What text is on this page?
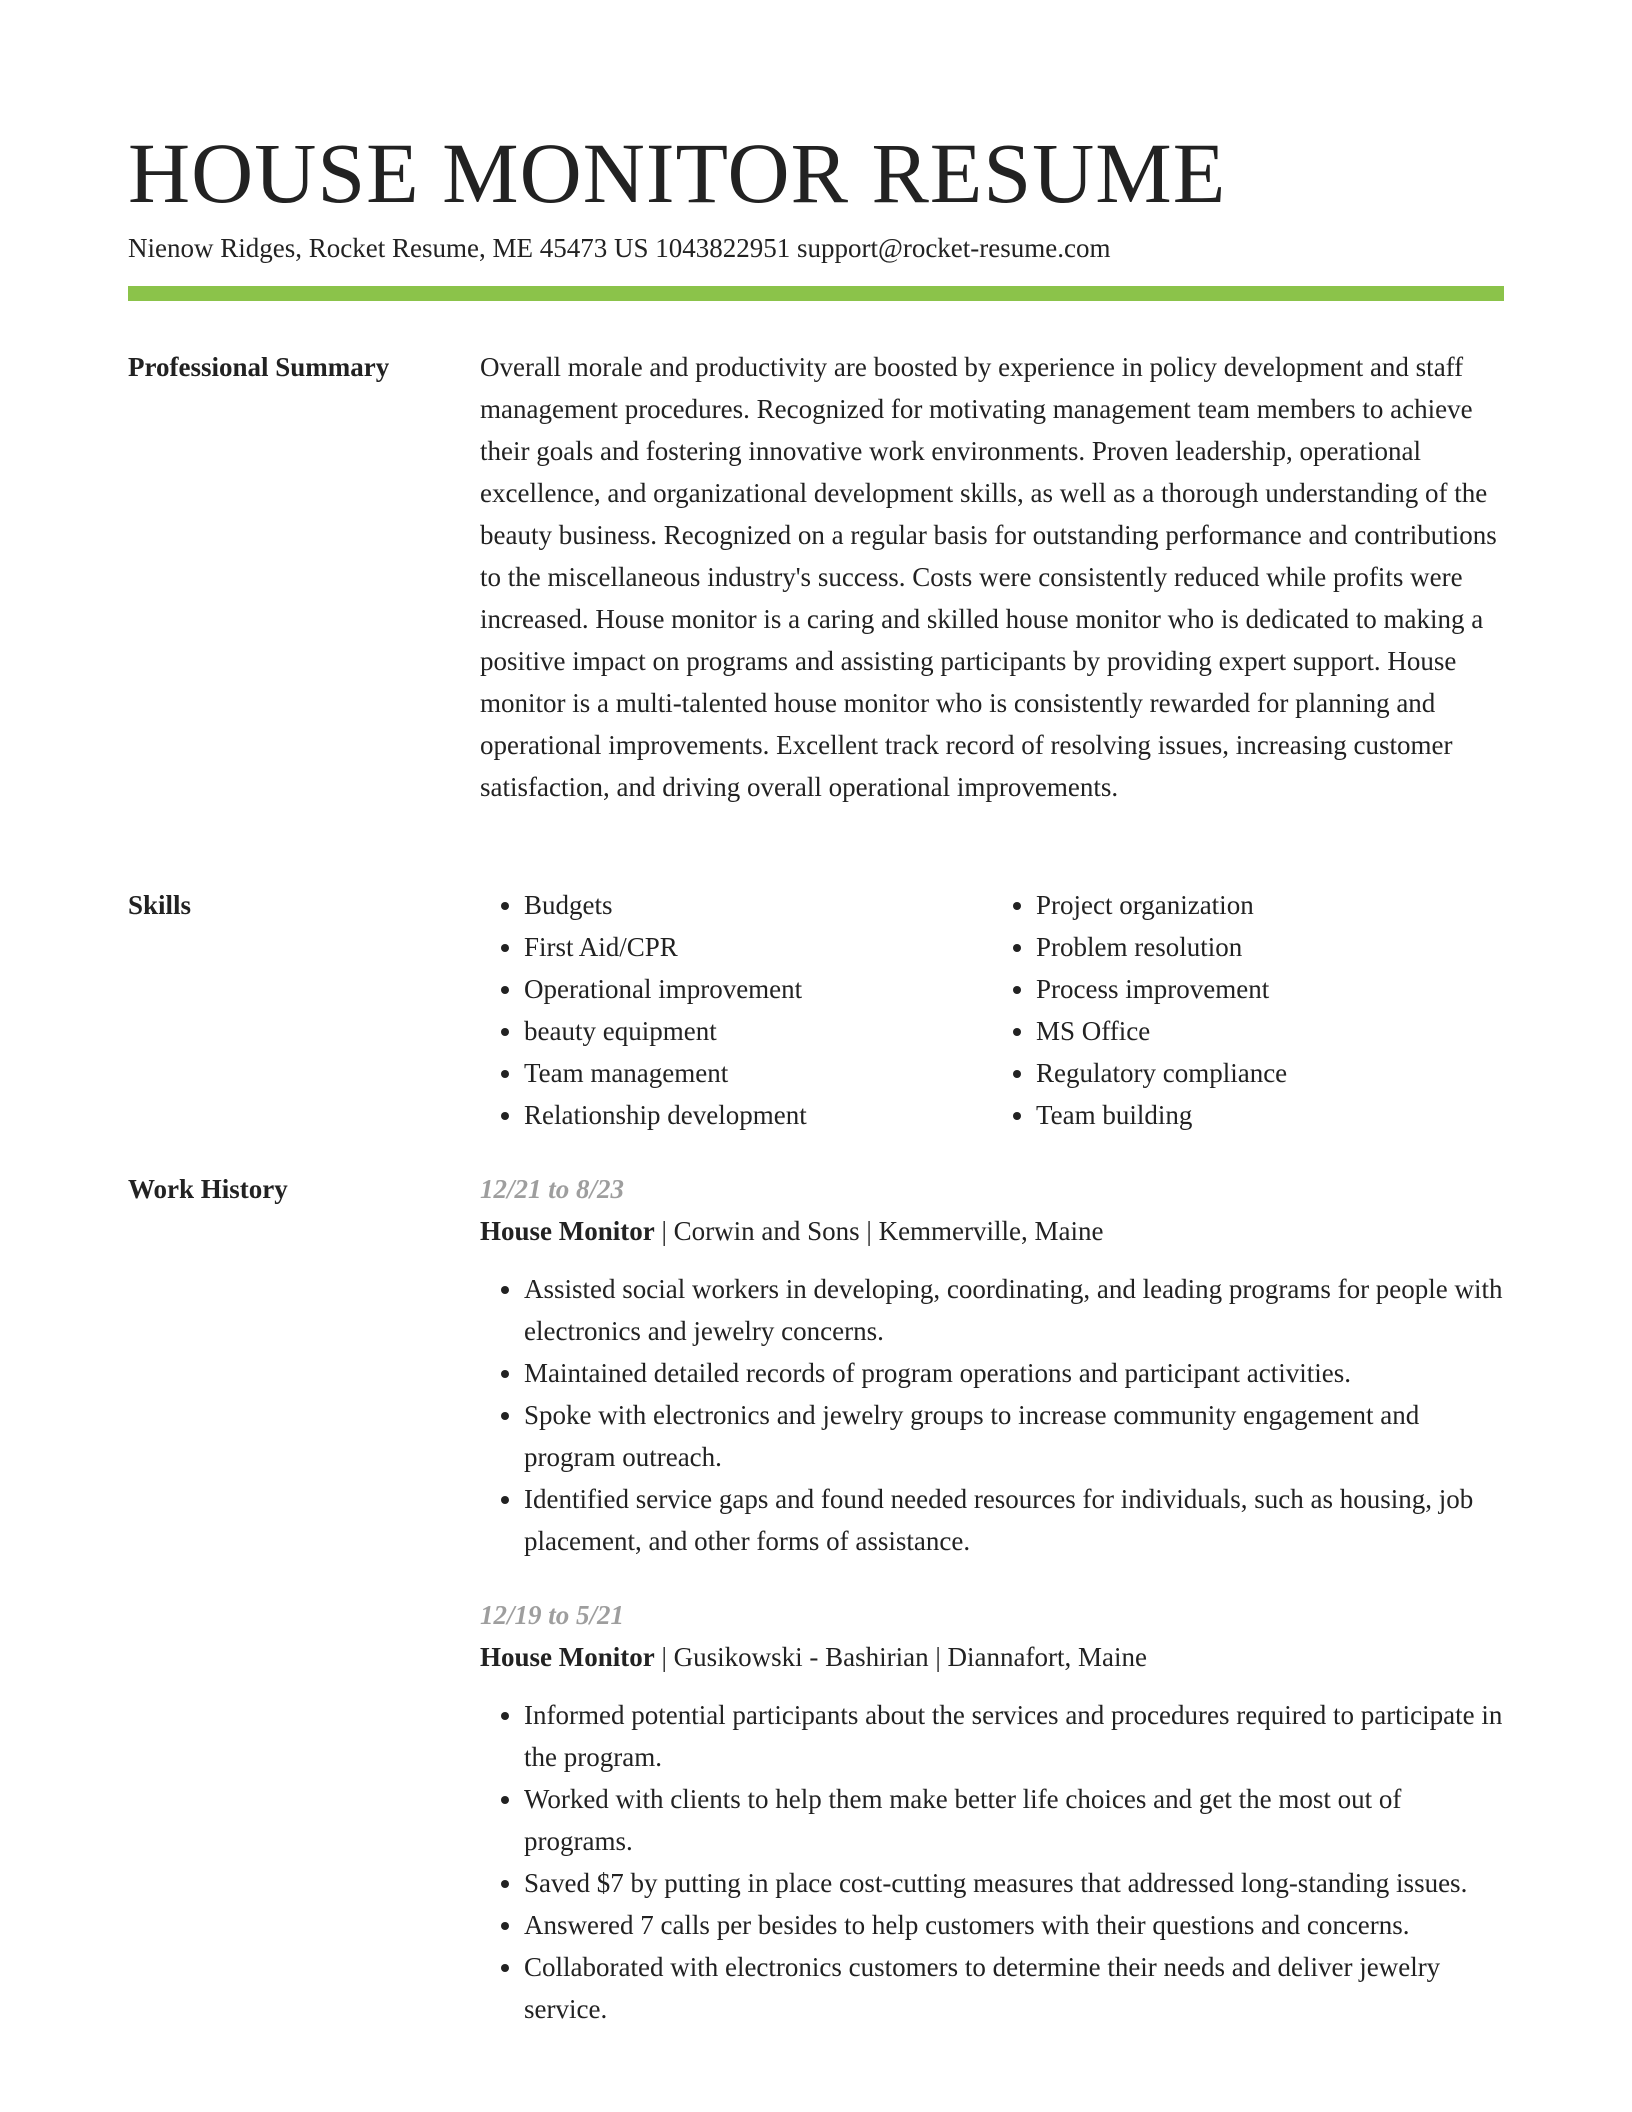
HOUSE MONITOR RESUME
Nienow Ridges, Rocket Resume, ME 45473 US 1043822951 support@rocket-resume.com
Professional Summary	Overall morale and productivity are boosted by experience in policy development and staff management procedures. Recognized for motivating management team members to achieve their goals and fostering innovative work environments. Proven leadership, operational excellence, and organizational development skills, as well as a thorough understanding of the beauty business. Recognized on a regular basis for outstanding performance and contributions to the miscellaneous industry's success. Costs were consistently reduced while profits were increased. House monitor is a caring and skilled house monitor who is dedicated to making a positive impact on programs and assisting participants by providing expert support. House monitor is a multi-talented house monitor who is consistently rewarded for planning and operational improvements. Excellent track record of resolving issues, increasing customer satisfaction, and driving overall operational improvements.

Skills
•	Budgets
• First Aid/CPR
• Operational improvement
• beauty equipment
• Team management
• Relationship development
• Project organization
• Problem resolution
• Process improvement
• MS Office
• Regulatory compliance
• Team building
Work History	12/21 to 8/23
House Monitor | Corwin and Sons | Kemmerville, Maine
• Assisted social workers in developing, coordinating, and leading programs for people with electronics and jewelry concerns.
• Maintained detailed records of program operations and participant activities.
• Spoke with electronics and jewelry groups to increase community engagement and program outreach.
• Identified service gaps and found needed resources for individuals, such as housing, job placement, and other forms of assistance.
12/19 to 5/21
House Monitor | Gusikowski - Bashirian | Diannafort, Maine
• Informed potential participants about the services and procedures required to participate in the program.
• Worked with clients to help them make better life choices and get the most out of programs.
• Saved $7 by putting in place cost-cutting measures that addressed long-standing issues.
• Answered 7 calls per besides to help customers with their questions and concerns.
• Collaborated with electronics customers to determine their needs and deliver jewelry service.
